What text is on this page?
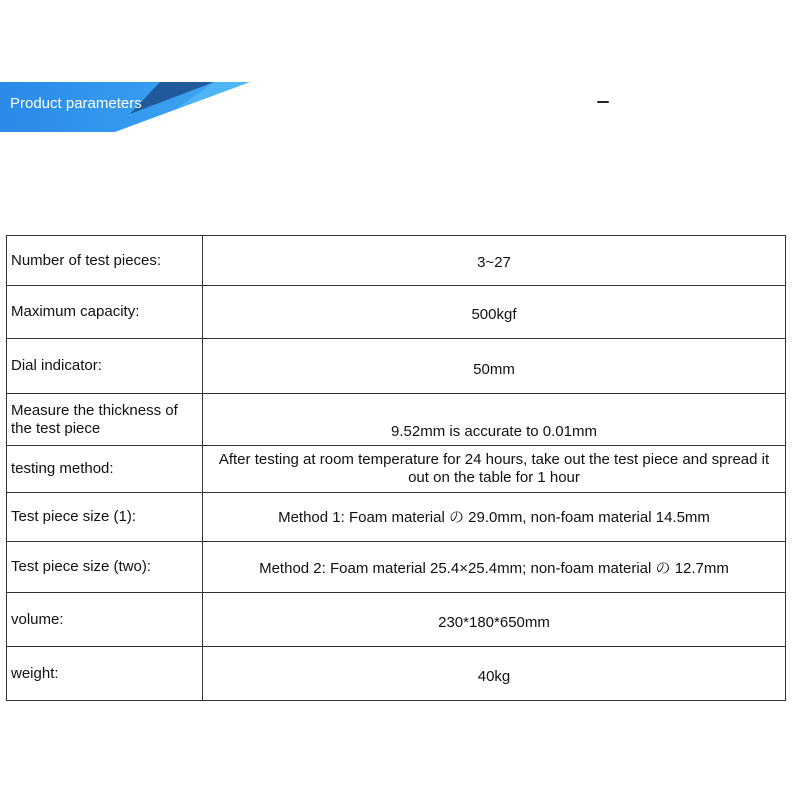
Product parameters
Number of test pieces:	3~27
Maximum capacity:	500kgf
Dial indicator:	50mm
Measure the thickness of the test piece	9.52mm is accurate to 0.01mm
testing method:	After testing at room temperature for 24 hours, take out the test piece and spread it out on the table for 1 hour
Test piece size (1):	Method 1: Foam material の 29.0mm, non-foam material 14.5mm
Test piece size (two):	Method 2: Foam material 25.4×25.4mm; non-foam material の 12.7mm
volume:	230*180*650mm
weight:	40kg
